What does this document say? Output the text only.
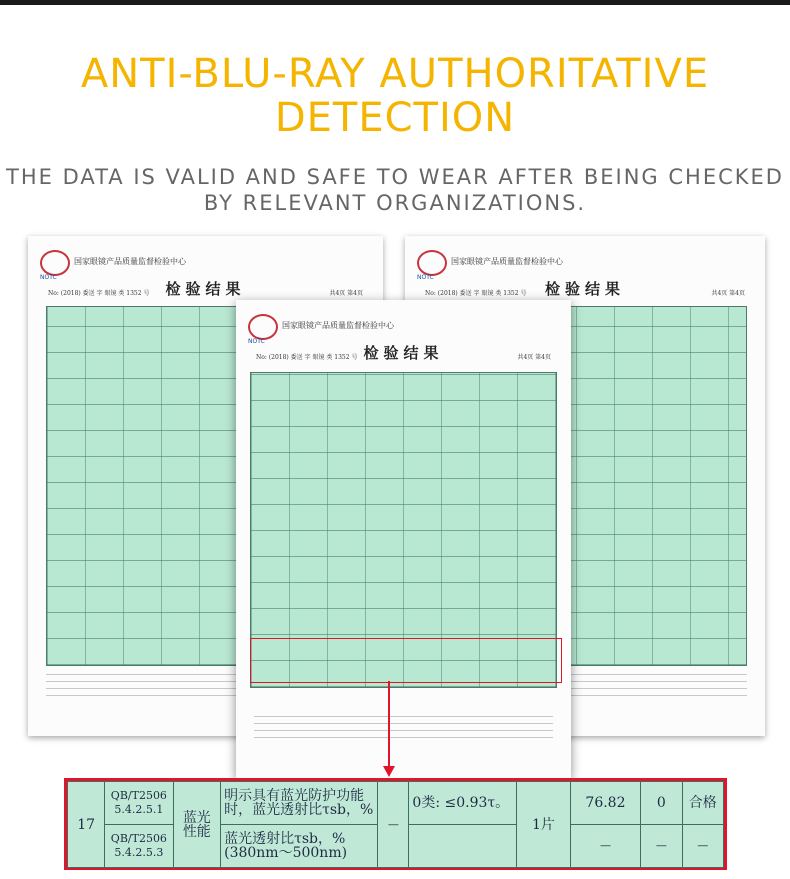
ANTI-BLU-RAY AUTHORITATIVE DETECTION

THE DATA IS VALID AND SAFE TO WEAR AFTER BEING CHECKED BY RELEVANT ORGANIZATIONS.

NOTC
国家眼镜产品质量监督检验中心
检验结果
No: (2018) 委送 字 眼镜 类 1352 号	共4页 第4页
NOTC
国家眼镜产品质量监督检验中心
检验结果
No: (2018) 委送 字 眼镜 类 1352 号	共4页 第4页
NOTC
国家眼镜产品质量监督检验中心
检验结果
No: (2018) 委送 字 眼镜 类 1352 号	共4页 第4页
17	QB/T2506 5.4.2.5.1	蓝光性能	明示具有蓝光防护功能时，蓝光透射比τsb，%	—	0类: ≤0.93τ。	1片	76.82	0	合格
	QB/T2506 5.4.2.5.3		蓝光透射比τsb，% (380nm～500nm)				—	—	—
